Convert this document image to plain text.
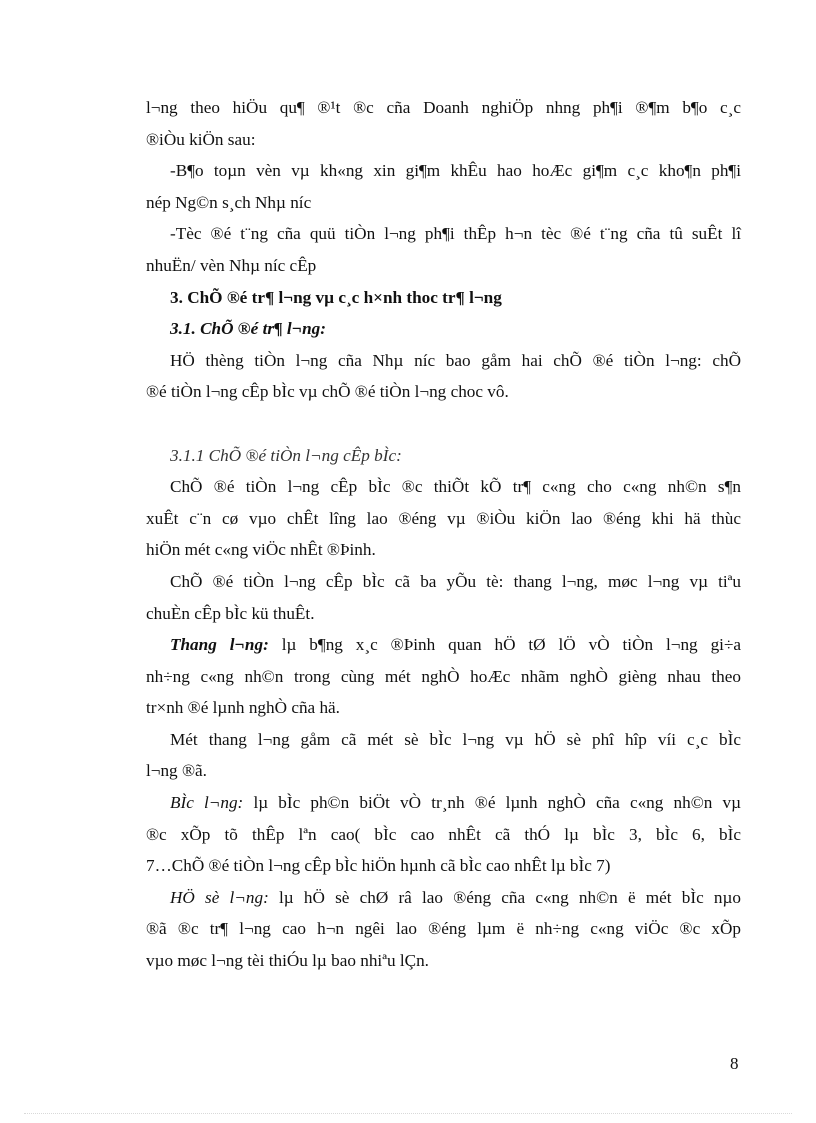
l¬ng theo hiÖu qu¶ ®¹t ®c cña Doanh nghiÖp nhng ph¶i ®¶m b¶o c¸c

®iÒu kiÖn sau:

-B¶o toµn vèn vµ kh«ng xin gi¶m khÊu hao hoÆc gi¶m c¸c kho¶n ph¶i

nép Ng©n s¸ch Nhµ níc

-Tèc ®é t¨ng cña quü tiÒn l¬ng ph¶i thÊp h¬n tèc ®é t¨ng cña tû suÊt lî

nhuËn/ vèn Nhµ níc cÊp

3. ChÕ ®é tr¶ l¬ng vµ c¸c h×nh thoc tr¶ l¬ng

3.1. ChÕ ®é tr¶ l¬ng:

HÖ thèng tiÒn l¬ng cña Nhµ níc bao gåm hai chÕ ®é tiÒn l¬ng: chÕ

®é tiÒn l¬ng cÊp bÌc vµ chÕ ®é tiÒn l¬ng choc vô.

3.1.1 ChÕ ®é tiÒn l¬ng cÊp bÌc:

ChÕ ®é tiÒn l¬ng cÊp bÌc ®c thiÕt kÕ tr¶ c«ng cho c«ng nh©n s¶n

xuÊt c¨n cø vµo chÊt lîng lao ®éng vµ ®iÒu kiÖn lao ®éng khi hä thùc

hiÖn mét c«ng viÖc nhÊt ®Þinh.

ChÕ ®é tiÒn l¬ng cÊp bÌc cã ba yÕu tè: thang l¬ng, møc l¬ng vµ tiªu

chuÈn cÊp bÌc kü thuÊt.

Thang l¬ng: lµ b¶ng x¸c ®Þinh quan hÖ tØ lÖ vÒ tiÒn l¬ng gi÷a

nh÷ng c«ng nh©n trong cùng mét nghÒ hoÆc nhãm nghÒ gièng nhau theo

tr×nh ®é lµnh nghÒ cña hä.

Mét thang l¬ng gåm cã mét sè bÌc l¬ng vµ hÖ sè phî hîp víi c¸c bÌc

l¬ng ®ã.

BÌc l¬ng: lµ bÌc ph©n biÖt vÒ tr¸nh ®é lµnh nghÒ cña c«ng nh©n vµ

®c xÕp tõ thÊp lªn cao( bÌc cao nhÊt cã thÓ lµ bÌc 3, bÌc 6, bÌc

7…ChÕ ®é tiÒn l¬ng cÊp bÌc hiÖn hµnh cã bÌc cao nhÊt lµ bÌc 7)

HÖ sè l¬ng: lµ hÖ sè chØ râ lao ®éng cña c«ng nh©n ë mét bÌc nµo

®ã ®c tr¶ l¬ng cao h¬n ngêi lao ®éng lµm ë nh÷ng c«ng viÖc ®c xÕp

vµo møc l¬ng tèi thiÓu lµ bao nhiªu lÇn.

8
